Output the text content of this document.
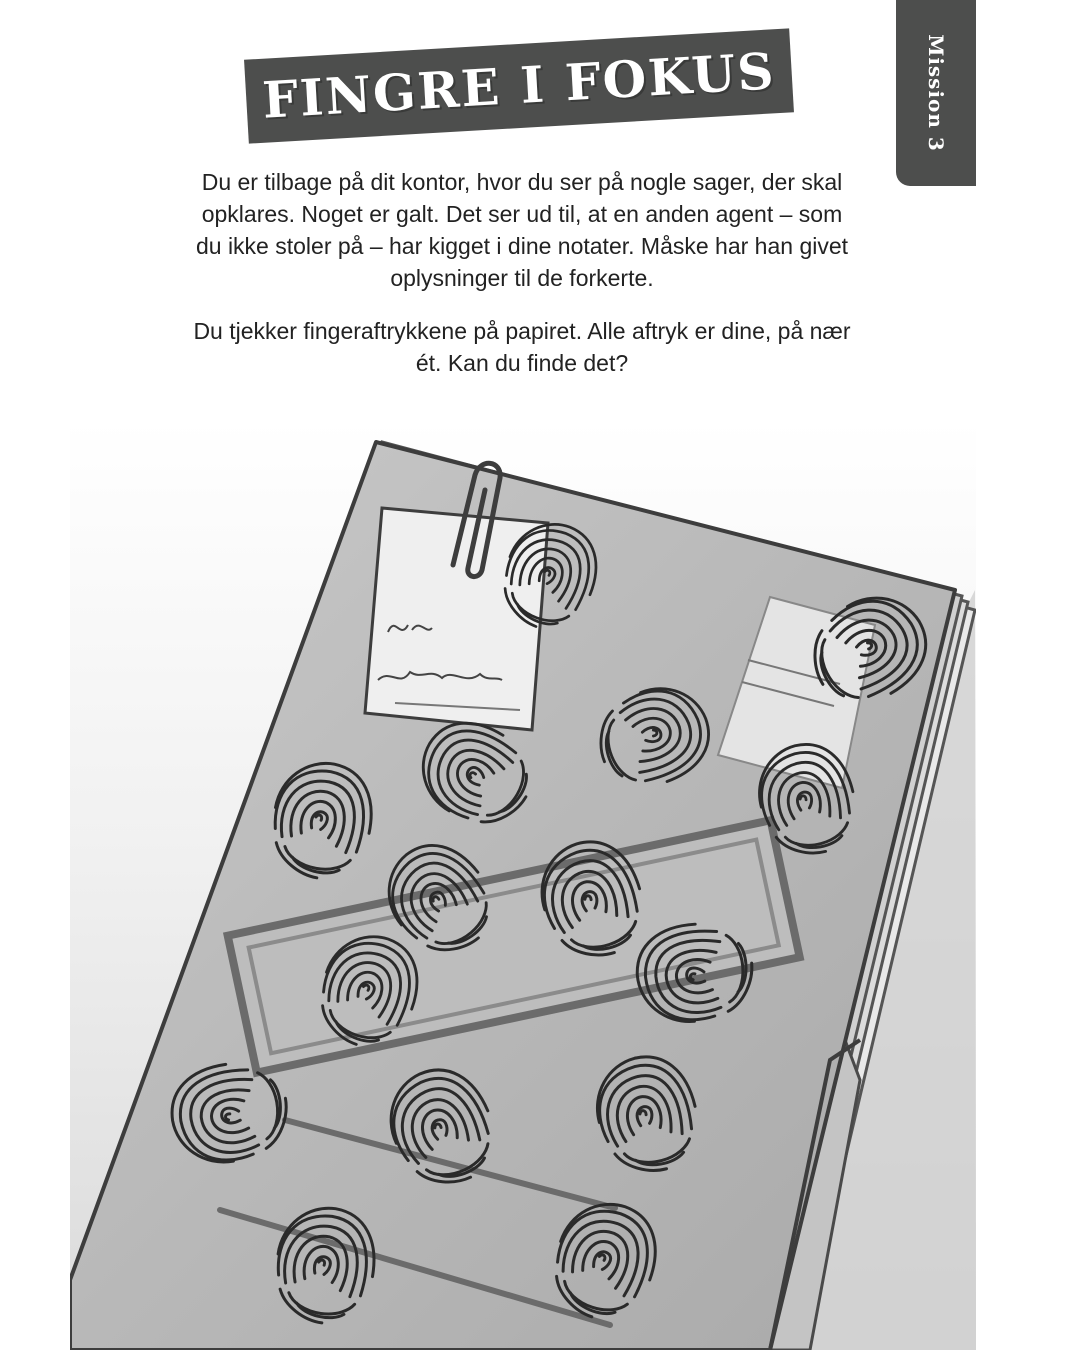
FINGRE I FOKUS	Mission 3

Du er tilbage på dit kontor, hvor du ser på nogle sager, der skal opklares. Noget er galt. Det ser ud til, at en anden agent – som du ikke stoler på – har kigget i dine notater. Måske har han givet oplysninger til de forkerte.

Du tjekker fingeraftrykkene på papiret. Alle aftryk er dine, på nær ét. Kan du finde det?
